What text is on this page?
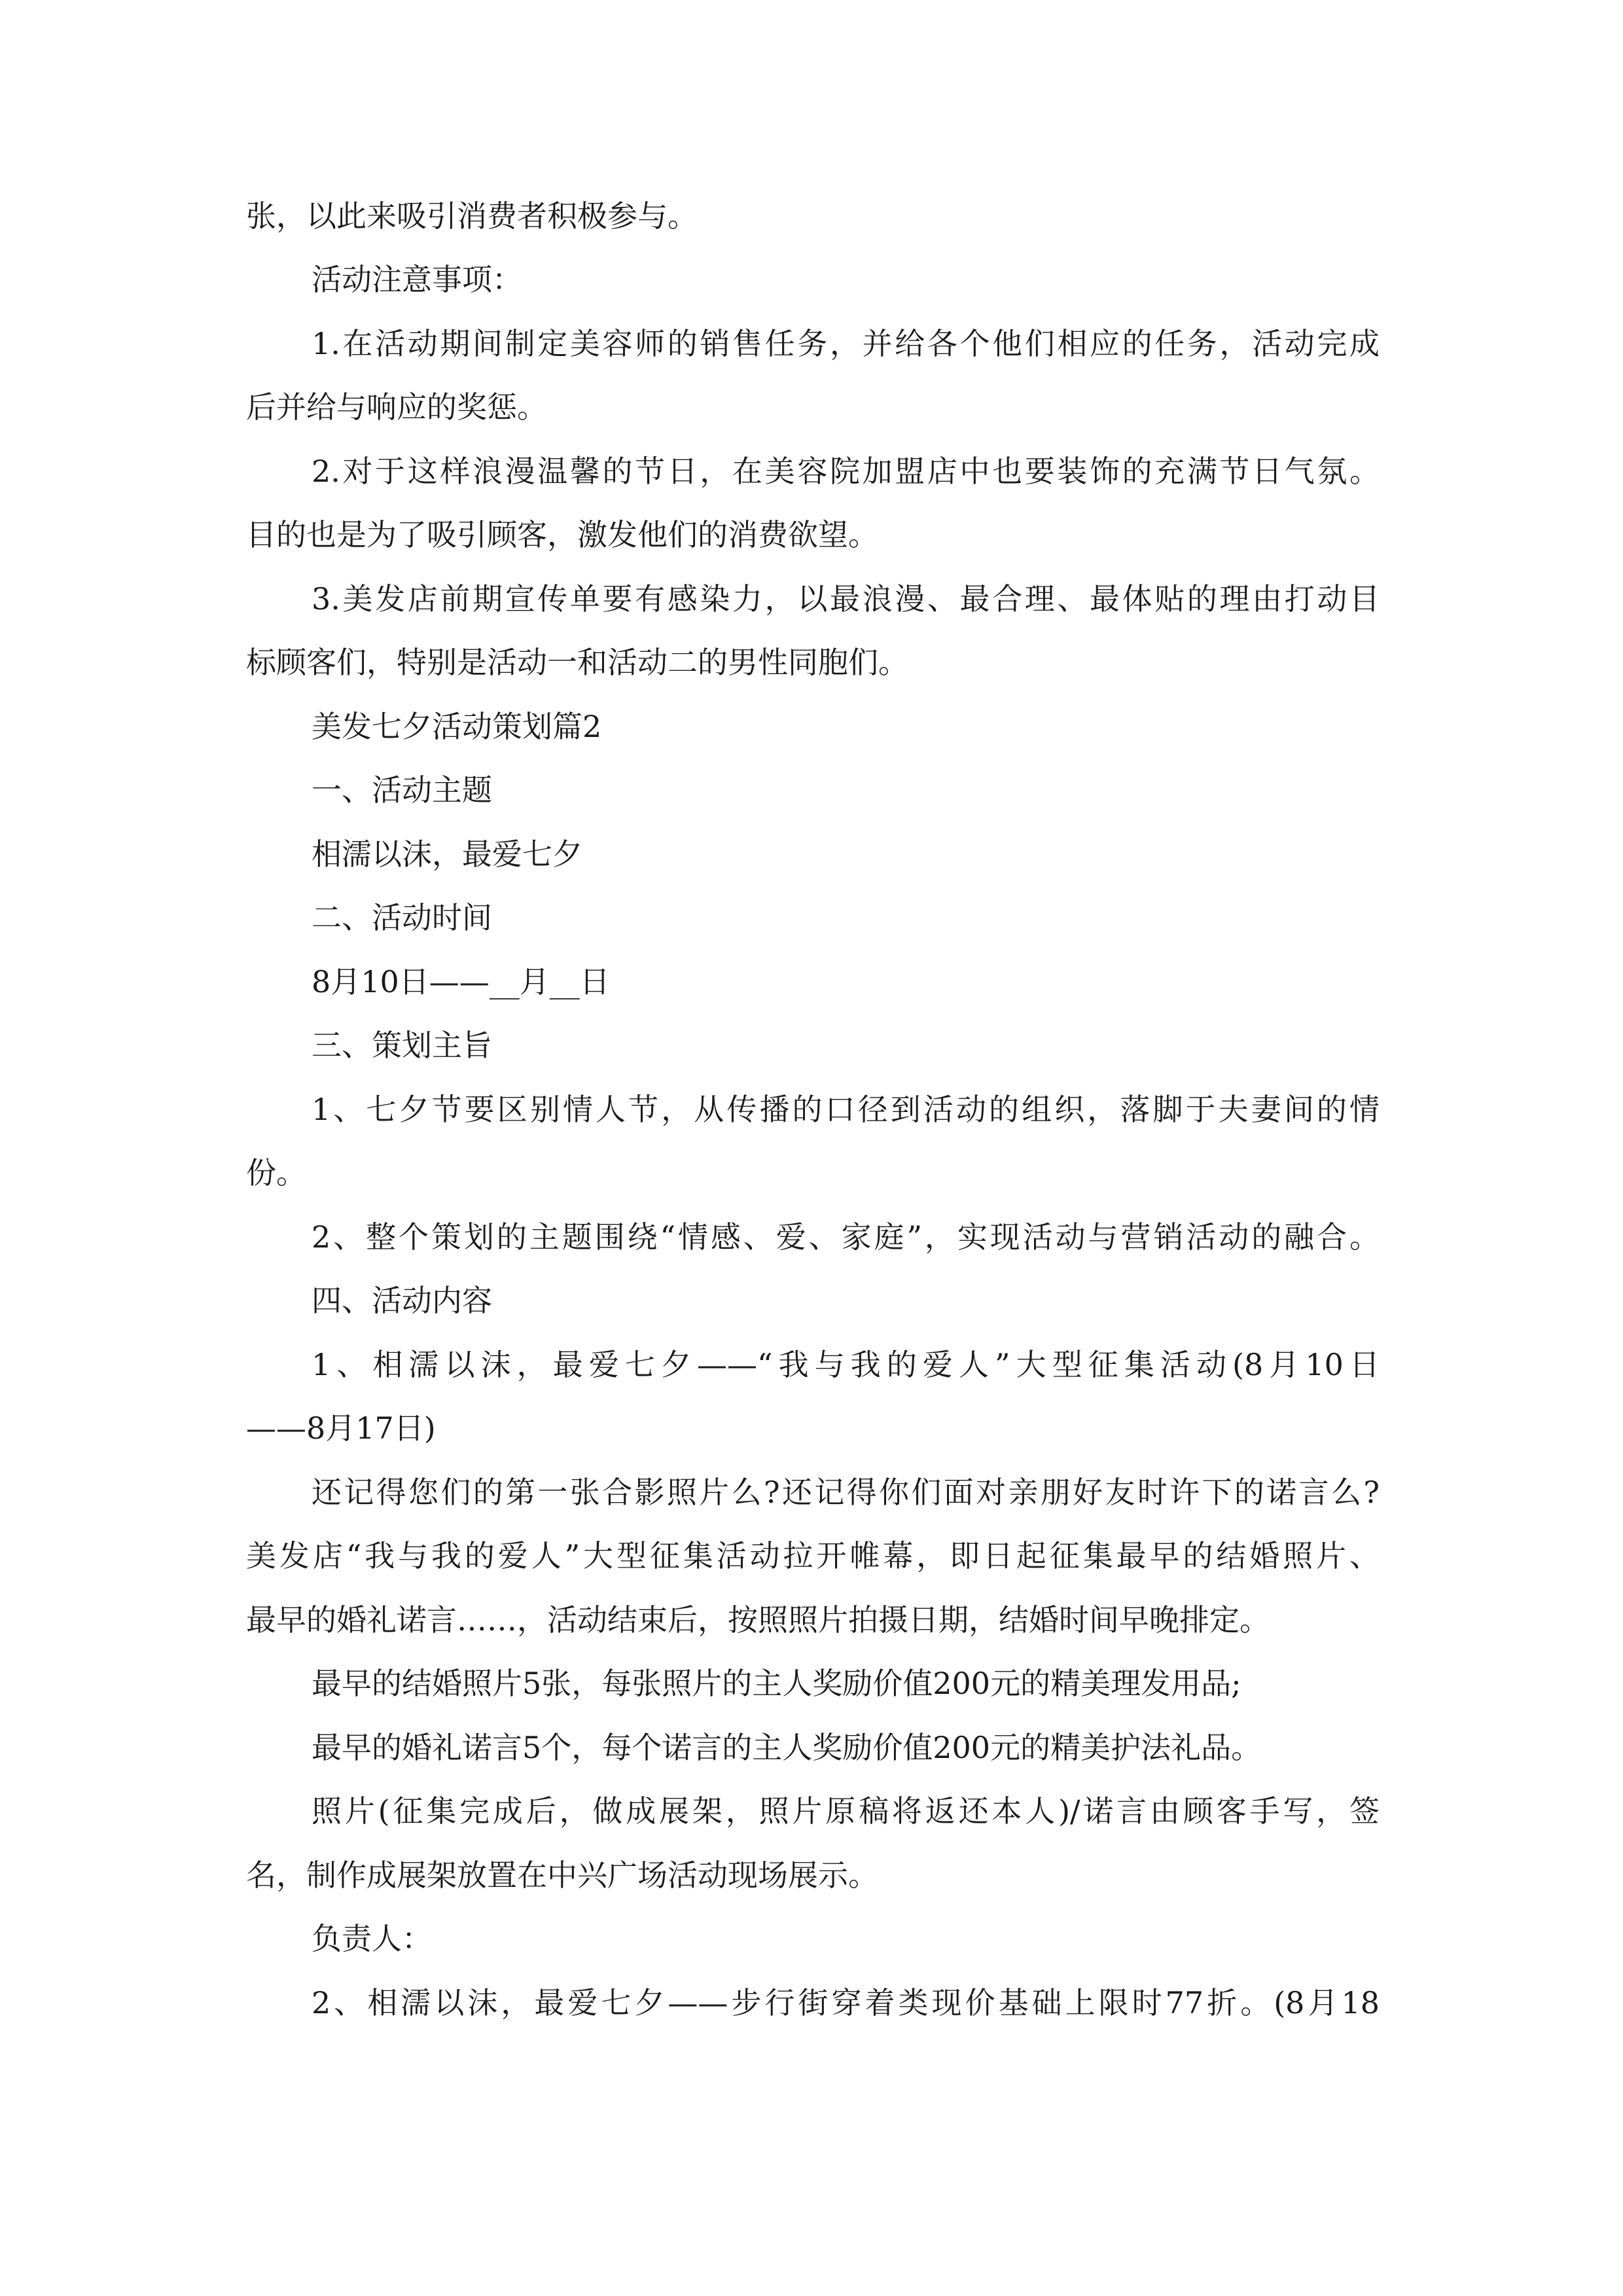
张，以此来吸引消费者积极参与。
活动注意事项：
1.在活动期间制定美容师的销售任务，并给各个他们相应的任务，活动完成
后并给与响应的奖惩。
2.对于这样浪漫温馨的节日，在美容院加盟店中也要装饰的充满节日气氛。
目的也是为了吸引顾客，激发他们的消费欲望。
3.美发店前期宣传单要有感染力，以最浪漫、最合理、最体贴的理由打动目
标顾客们，特别是活动一和活动二的男性同胞们。
美发七夕活动策划篇2
一、活动主题
相濡以沫，最爱七夕
二、活动时间
8月10日——__月__日
三、策划主旨
1、七夕节要区别情人节，从传播的口径到活动的组织，落脚于夫妻间的情
份。
2、整个策划的主题围绕“情感、爱、家庭”，实现活动与营销活动的融合。
四、活动内容
1、相濡以沫，最爱七夕——“我与我的爱人”大型征集活动(8月10日
——8月17日)
还记得您们的第一张合影照片么?还记得你们面对亲朋好友时许下的诺言么?
美发店“我与我的爱人”大型征集活动拉开帷幕，即日起征集最早的结婚照片、
最早的婚礼诺言……，活动结束后，按照照片拍摄日期，结婚时间早晚排定。
最早的结婚照片5张，每张照片的主人奖励价值200元的精美理发用品;
最早的婚礼诺言5个，每个诺言的主人奖励价值200元的精美护法礼品。
照片(征集完成后，做成展架，照片原稿将返还本人)/诺言由顾客手写，签
名，制作成展架放置在中兴广场活动现场展示。
负责人：
2、相濡以沫，最爱七夕——步行街穿着类现价基础上限时77折。(8月18
